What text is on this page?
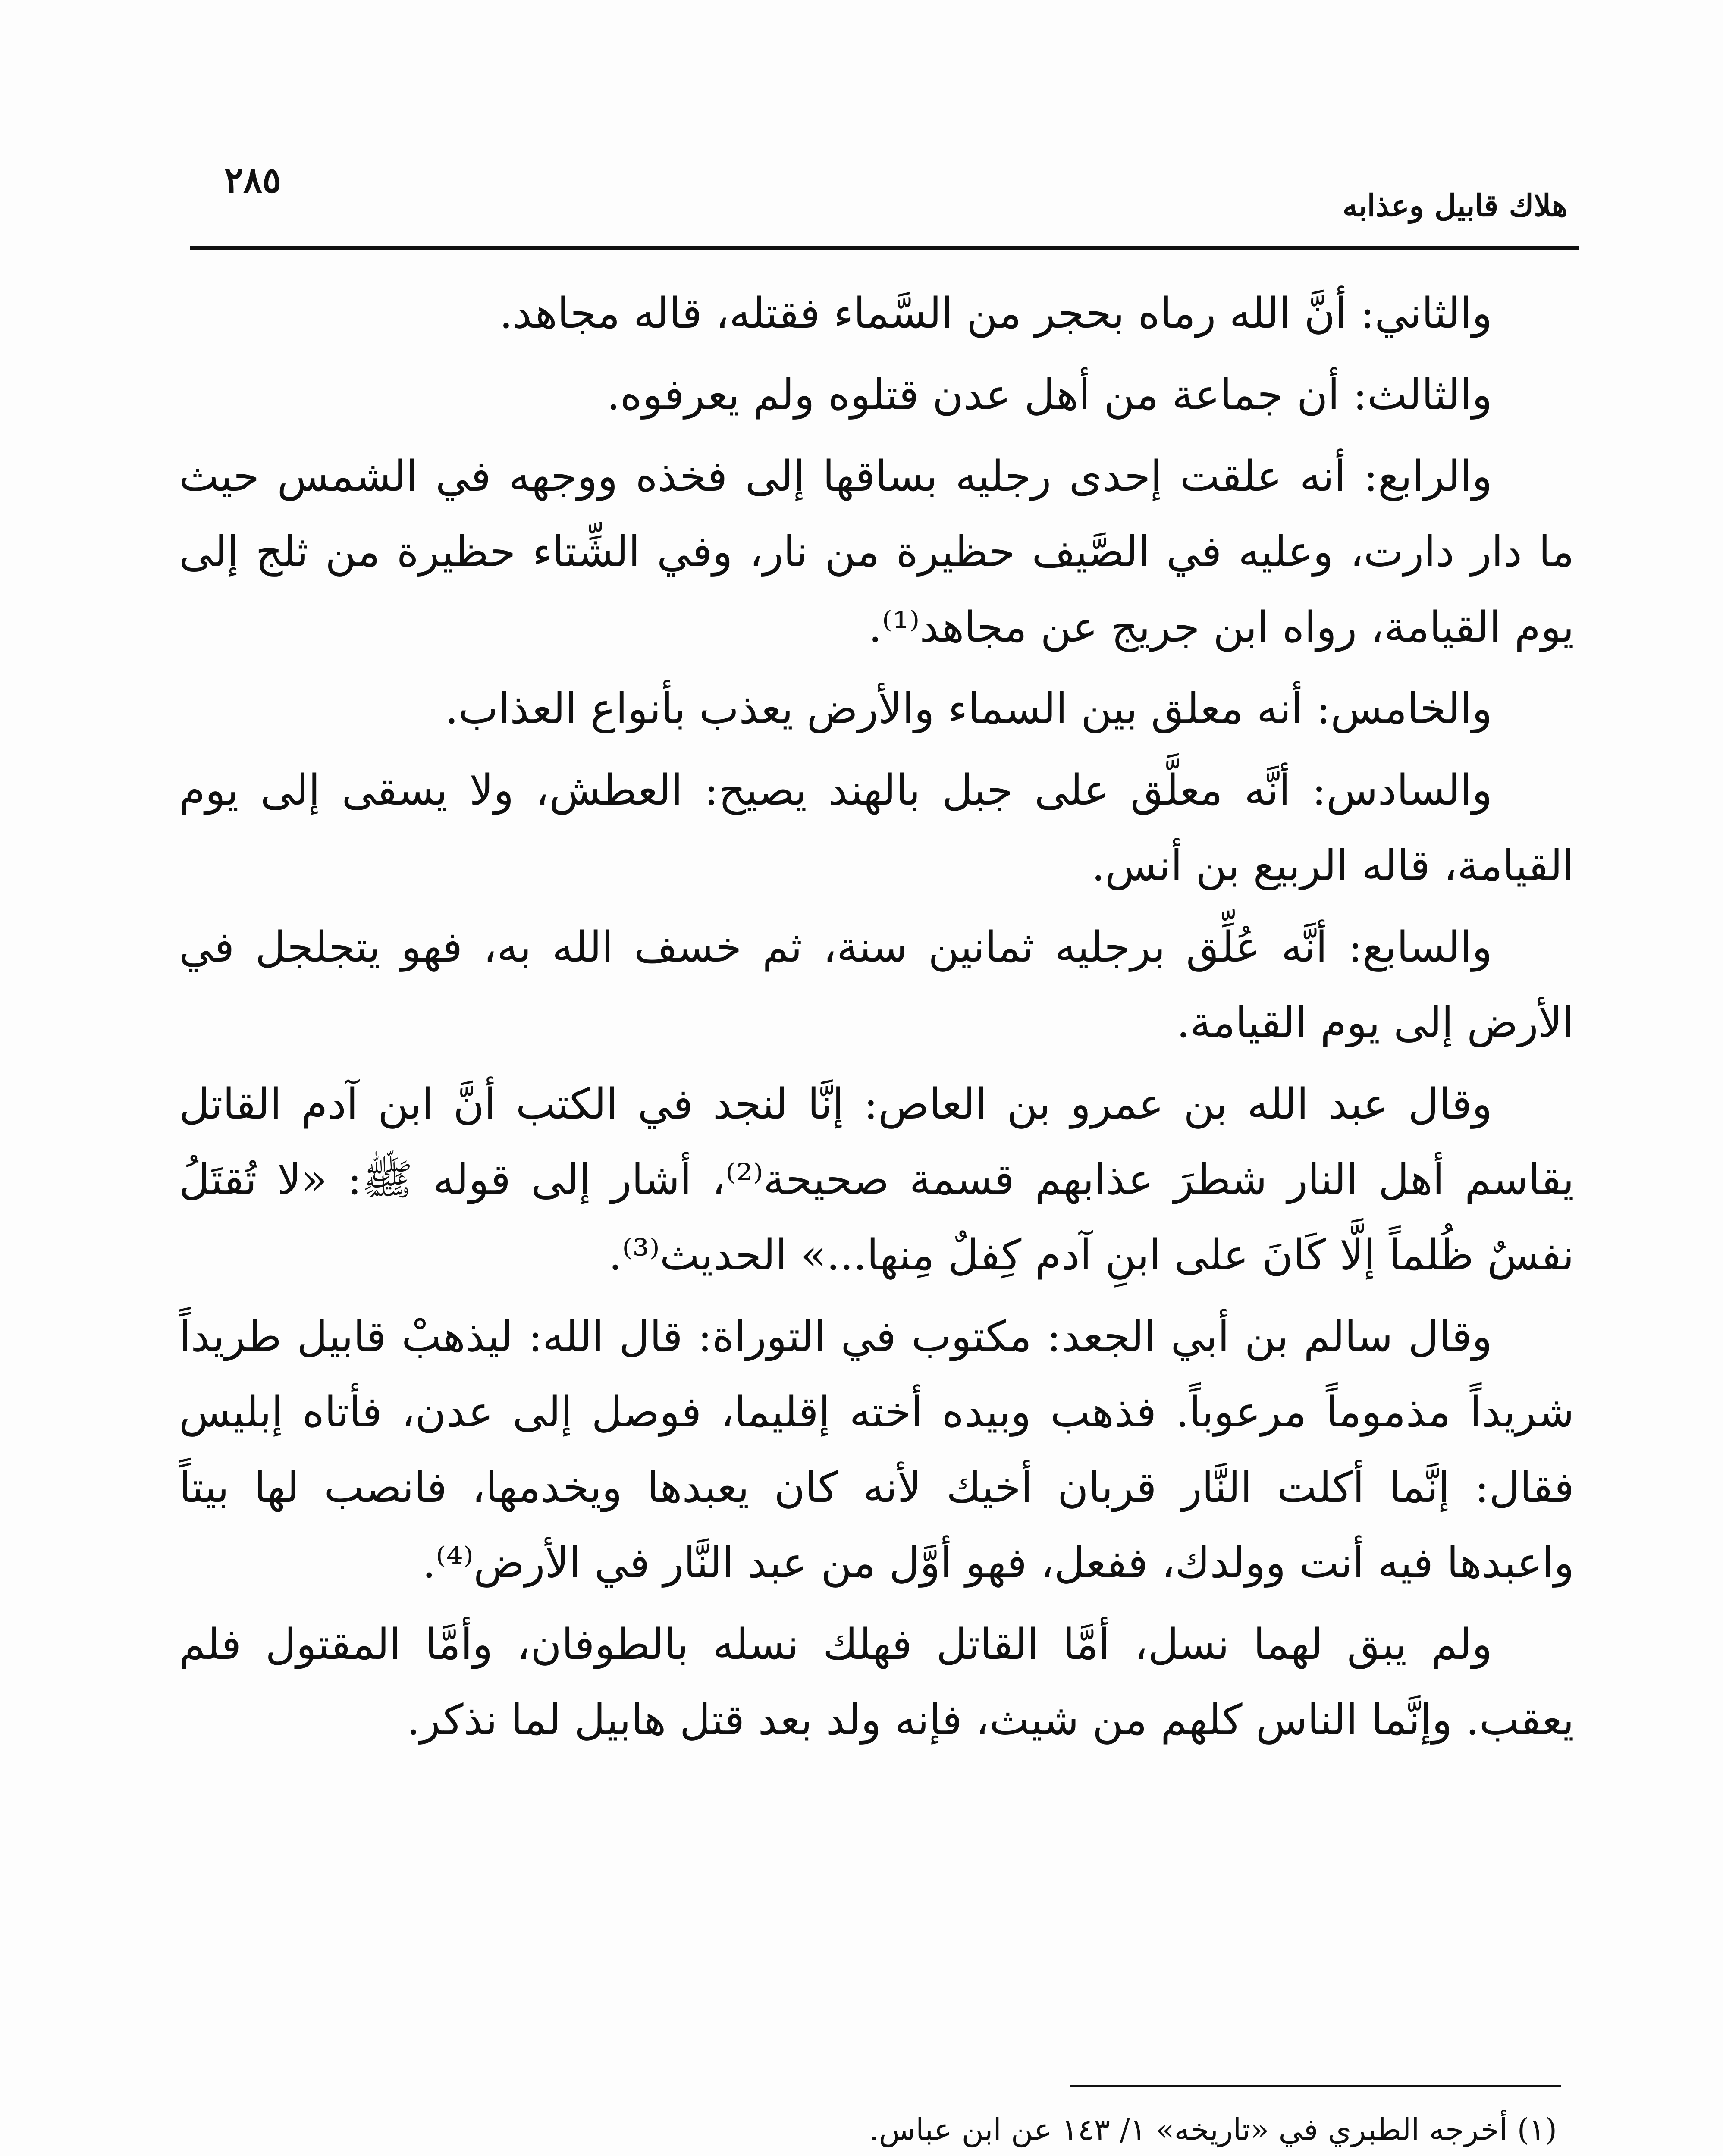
٢٨٥
هلاك قابيل وعذابه

والثاني: أنَّ الله رماه بحجر من السَّماء فقتله، قاله مجاهد.

والثالث: أن جماعة من أهل عدن قتلوه ولم يعرفوه.

والرابع: أنه علقت إحدى رجليه بساقها إلى فخذه ووجهه في الشمس حيث ما دار دارت، وعليه في الصَّيف حظيرة من نار، وفي الشِّتاء حظيرة من ثلج إلى يوم القيامة، رواه ابن جريج عن مجاهد⁽¹⁾.

والخامس: أنه معلق بين السماء والأرض يعذب بأنواع العذاب.

والسادس: أنَّه معلَّق على جبل بالهند يصيح: العطش، ولا يسقى إلى يوم القيامة، قاله الربيع بن أنس.

والسابع: أنَّه عُلِّق برجليه ثمانين سنة، ثم خسف الله به، فهو يتجلجل في الأرض إلى يوم القيامة.

وقال عبد الله بن عمرو بن العاص: إنَّا لنجد في الكتب أنَّ ابن آدم القاتل يقاسم أهل النار شطرَ عذابهم قسمة صحيحة⁽²⁾، أشار إلى قوله ﷺ: «لا تُقتَلُ نفسٌ ظُلماً إلَّا كَانَ على ابنِ آدم كِفلٌ مِنها...» الحديث⁽³⁾.

وقال سالم بن أبي الجعد: مكتوب في التوراة: قال الله: ليذهبْ قابيل طريداً شريداً مذموماً مرعوباً. فذهب وبيده أخته إقليما، فوصل إلى عدن، فأتاه إبليس فقال: إنَّما أكلت النَّار قربان أخيك لأنه كان يعبدها ويخدمها، فانصب لها بيتاً واعبدها فيه أنت وولدك، ففعل، فهو أوَّل من عبد النَّار في الأرض⁽⁴⁾.

ولم يبق لهما نسل، أمَّا القاتل فهلك نسله بالطوفان، وأمَّا المقتول فلم يعقب. وإنَّما الناس كلهم من شيث، فإنه ولد بعد قتل هابيل لما نذكر.

(١)أخرجه الطبري في «تاريخه» ١/ ١٤٣ عن ابن عباس.
